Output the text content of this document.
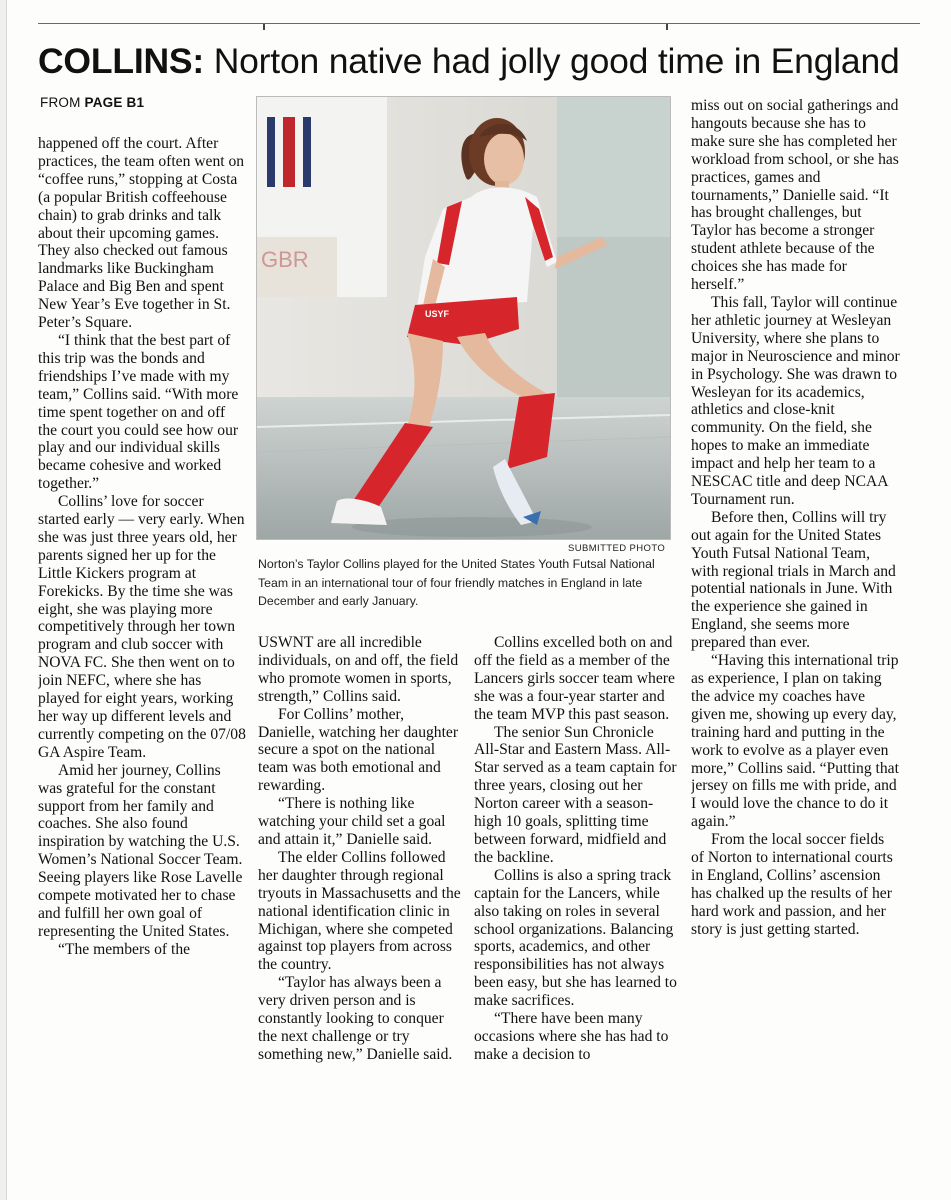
COLLINS: Norton native had jolly good time in England
FROM PAGE B1

happened off the court. After practices, the team often went on “coffee runs,” stopping at Costa (a popular British coffeehouse chain) to grab drinks and talk about their upcoming games. They also checked out famous landmarks like Buckingham Palace and Big Ben and spent New Year’s Eve together in St. Peter’s Square.

“I think that the best part of this trip was the bonds and friendships I’ve made with my team,” Collins said. “With more time spent together on and off the court you could see how our play and our individual skills became cohesive and worked together.”

Collins’ love for soccer started early — very early. When she was just three years old, her parents signed her up for the Little Kickers program at Forekicks. By the time she was eight, she was playing more competitively through her town program and club soccer with NOVA FC. She then went on to join NEFC, where she has played for eight years, working her way up different levels and currently competing on the 07/08 GA Aspire Team.

Amid her journey, Collins was grateful for the constant support from her family and coaches. She also found inspiration by watching the U.S. Women’s National Soccer Team. Seeing players like Rose Lavelle compete motivated her to chase and fulfill her own goal of representing the United States.

“The members of the

GBR
USYF
SUBMITTED PHOTO
Norton’s Taylor Collins played for the United States Youth Futsal National Team in an international tour of four friendly matches in England in late December and early January.

USWNT are all incredible individuals, on and off, the field who promote women in sports, strength,” Collins said.

For Collins’ mother, Danielle, watching her daughter secure a spot on the national team was both emotional and rewarding.

“There is nothing like watching your child set a goal and attain it,” Danielle said.

The elder Collins followed her daughter through regional tryouts in Massachusetts and the national identification clinic in Michigan, where she competed against top players from across the country.

“Taylor has always been a very driven person and is constantly looking to conquer the next challenge or try something new,” Danielle said.

Collins excelled both on and off the field as a member of the Lancers girls soccer team where she was a four-year starter and the team MVP this past season.

The senior Sun Chronicle All-Star and Eastern Mass. All-Star served as a team captain for three years, closing out her Norton career with a season-high 10 goals, splitting time between forward, midfield and the backline.

Collins is also a spring track captain for the Lancers, while also taking on roles in several school organizations. Balancing sports, academics, and other responsibilities has not always been easy, but she has learned to make sacrifices.

“There have been many occasions where she has had to make a decision to

miss out on social gatherings and hangouts because she has to make sure she has completed her workload from school, or she has practices, games and tournaments,” Danielle said. “It has brought challenges, but Taylor has become a stronger student athlete because of the choices she has made for herself.”

This fall, Taylor will continue her athletic journey at Wesleyan University, where she plans to major in Neuroscience and minor in Psychology. She was drawn to Wesleyan for its academics, athletics and close-knit community. On the field, she hopes to make an immediate impact and help her team to a NESCAC title and deep NCAA Tournament run.

Before then, Collins will try out again for the United States Youth Futsal National Team, with regional trials in March and potential nationals in June. With the experience she gained in England, she seems more prepared than ever.

“Having this international trip as experience, I plan on taking the advice my coaches have given me, showing up every day, training hard and putting in the work to evolve as a player even more,” Collins said. “Putting that jersey on fills me with pride, and I would love the chance to do it again.”

From the local soccer fields of Norton to international courts in England, Collins’ ascension has chalked up the results of her hard work and passion, and her story is just getting started.
